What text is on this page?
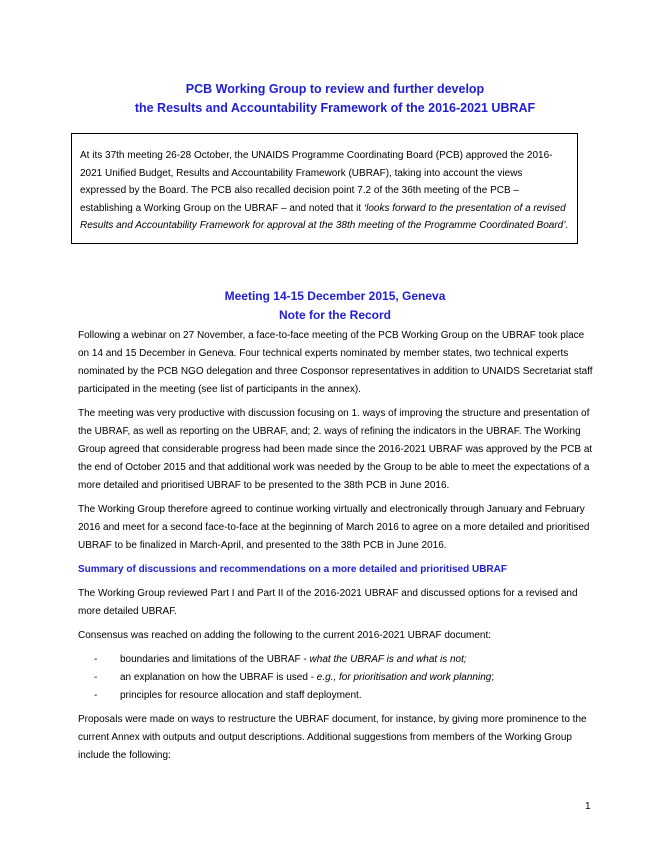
PCB Working Group to review and further develop
the Results and Accountability Framework of the 2016-2021 UBRAF
At its 37th meeting 26-28 October, the UNAIDS Programme Coordinating Board (PCB) approved the 2016-2021 Unified Budget, Results and Accountability Framework (UBRAF), taking into account the views expressed by the Board. The PCB also recalled decision point 7.2 of the 36th meeting of the PCB – establishing a Working Group on the UBRAF – and noted that it ‘looks forward to the presentation of a revised Results and Accountability Framework for approval at the 38th meeting of the Programme Coordinated Board’.
Meeting 14-15 December 2015, Geneva
Note for the Record

Following a webinar on 27 November, a face-to-face meeting of the PCB Working Group on the UBRAF took place on 14 and 15 December in Geneva. Four technical experts nominated by member states, two technical experts nominated by the PCB NGO delegation and three Cosponsor representatives in addition to UNAIDS Secretariat staff participated in the meeting (see list of participants in the annex).

The meeting was very productive with discussion focusing on 1. ways of improving the structure and presentation of the UBRAF, as well as reporting on the UBRAF, and; 2. ways of refining the indicators in the UBRAF. The Working Group agreed that considerable progress had been made since the 2016-2021 UBRAF was approved by the PCB at the end of October 2015 and that additional work was needed by the Group to be able to meet the expectations of a more detailed and prioritised UBRAF to be presented to the 38th PCB in June 2016.

The Working Group therefore agreed to continue working virtually and electronically through January and February 2016 and meet for a second face-to-face at the beginning of March 2016 to agree on a more detailed and prioritised UBRAF to be finalized in March-April, and presented to the 38th PCB in June 2016.

Summary of discussions and recommendations on a more detailed and prioritised UBRAF

The Working Group reviewed Part I and Part II of the 2016-2021 UBRAF and discussed options for a revised and more detailed UBRAF.

Consensus was reached on adding the following to the current 2016-2021 UBRAF document:

- boundaries and limitations of the UBRAF - what the UBRAF is and what is not;
- an explanation on how the UBRAF is used - e.g., for prioritisation and work planning;
- principles for resource allocation and staff deployment.

Proposals were made on ways to restructure the UBRAF document, for instance, by giving more prominence to the current Annex with outputs and output descriptions. Additional suggestions from members of the Working Group include the following:

1
